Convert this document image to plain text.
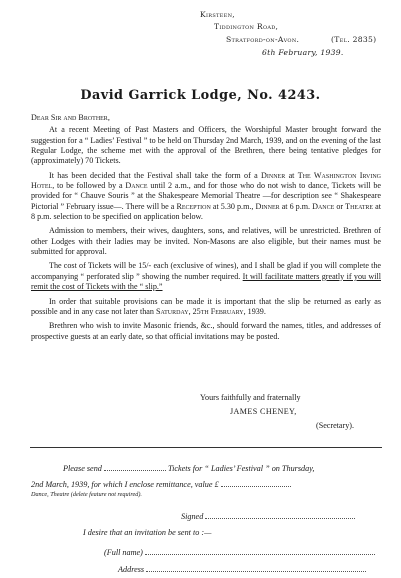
Kirsteen,
Tiddington Road,
Stratford-on-Avon.	(Tel. 2835)
6th February, 1939.
David Garrick Lodge, No. 4243.

Dear Sir and Brother,

At a recent Meeting of Past Masters and Officers, the Worshipful Master brought forward the suggestion for a “ Ladies’ Festival ” to be held on Thursday 2nd March, 1939, and on the evening of the last Regular Lodge, the scheme met with the approval of the Brethren, there being tentative pledges for (approximately) 70 Tickets.

It has been decided that the Festival shall take the form of a Dinner at The Washington Irving Hotel, to be followed by a Dance until 2 a.m., and for those who do not wish to dance, Tickets will be provided for “ Chauve Souris ” at the Shakespeare Memorial Theatre —for description see “ Shakespeare Pictorial ” February issue—. There will be a Reception at 5.30 p.m., Dinner at 6 p.m. Dance or Theatre at 8 p.m. selection to be specified on application below.

Admission to members, their wives, daughters, sons, and relatives, will be unrestricted. Brethren of other Lodges with their ladies may be invited. Non-Masons are also eligible, but their names must be submitted for approval.

The cost of Tickets will be 15/- each (exclusive of wines), and I shall be glad if you will complete the accompanying “ perforated slip ” showing the number required. It will facilitate matters greatly if you will remit the cost of Tickets with the “ slip.”

In order that suitable provisions can be made it is important that the slip be returned as early as possible and in any case not later than Saturday, 25th February, 1939.

Brethren who wish to invite Masonic friends, &c., should forward the names, titles, and addresses of prospective guests at an early date, so that official invitations may be posted.

Yours faithfully and fraternally
JAMES CHENEY,
(Secretary).
Please send	Tickets for “ Ladies’ Festival ” on Thursday,
2nd March, 1939, for which I enclose remittance, value £
Dance, Theatre (delete feature not required).
Signed
I desire that an invitation be sent to :—
(Full name)
Address
